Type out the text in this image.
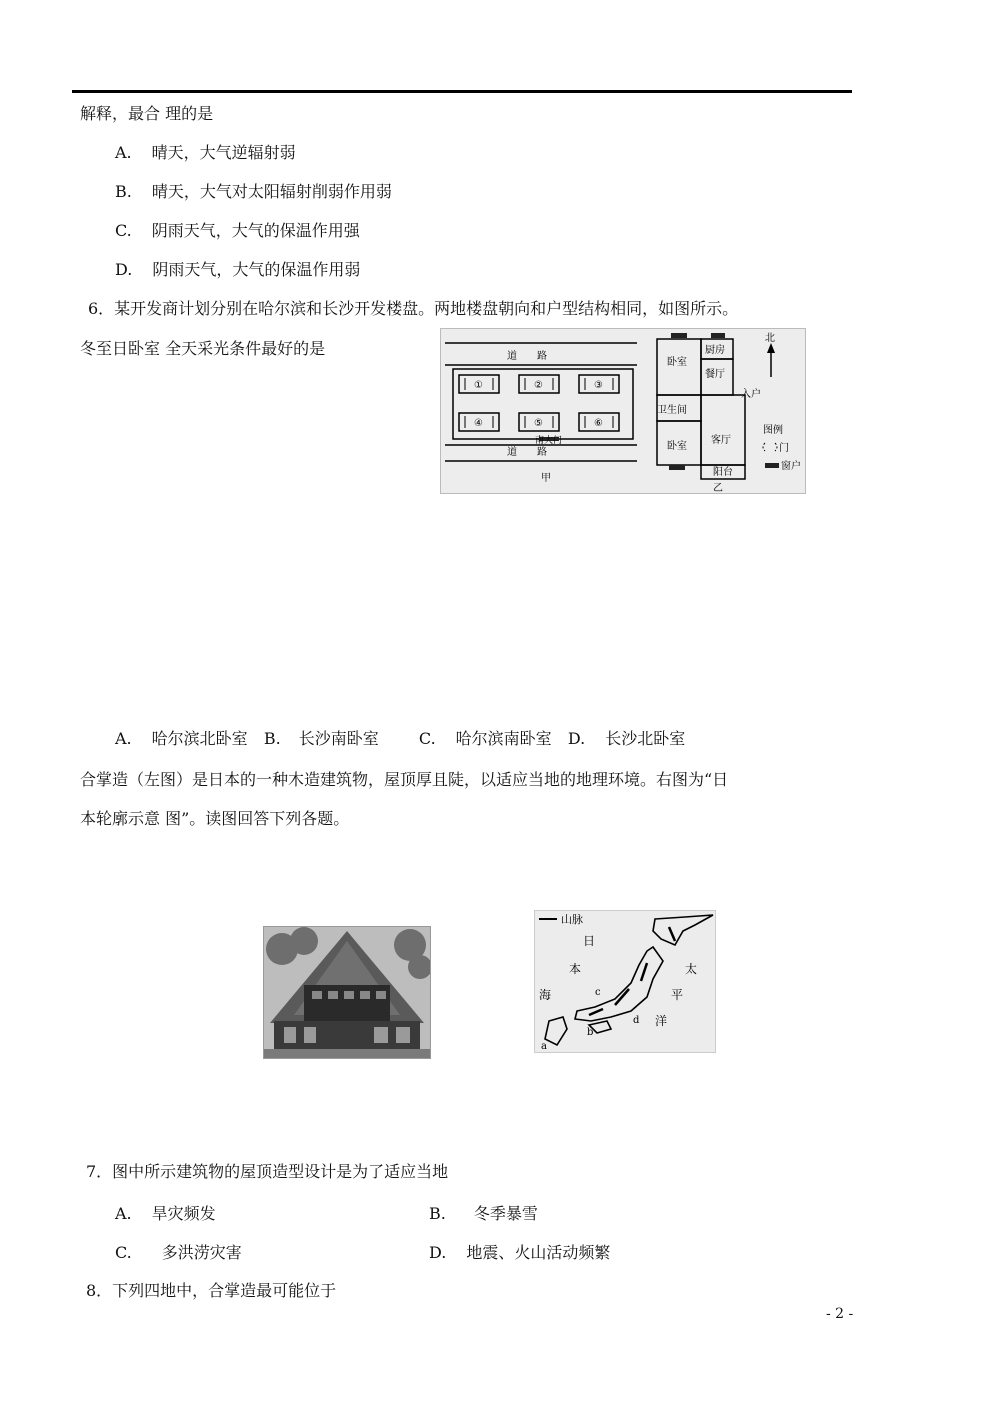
解释，最合 理的是
A. 晴天，大气逆辐射弱
B. 晴天，大气对太阳辐射削弱作用弱
C. 阴雨天气，大气的保温作用强
D. 阴雨天气，大气的保温作用弱
6．某开发商计划分别在哈尔滨和长沙开发楼盘。两地楼盘朝向和户型结构相同，如图所示。
冬至日卧室 全天采光条件最好的是	道　　路
道　　路
南大门
甲
①	②	③
④	⑤	⑥
卧室
厨房
餐厅
入户
卫生间
卧室
客厅
阳台
乙
北
图例
门
窗户
A. 哈尔滨北卧室 B. 长沙南卧室	C. 哈尔滨南卧室 D. 长沙北卧室
合掌造（左图）是日本的一种木造建筑物，屋顶厚且陡，以适应当地的地理环境。右图为“日
本轮廓示意 图”。读图回答下列各题。
山脉
日
本
海
太
平
洋
a
b
c
d
7．图中所示建筑物的屋顶造型设计是为了适应当地
A. 旱灾频发	B. 冬季暴雪
C. 多洪涝灾害	D. 地震、火山活动频繁
8．下列四地中，合掌造最可能位于
- 2 -
